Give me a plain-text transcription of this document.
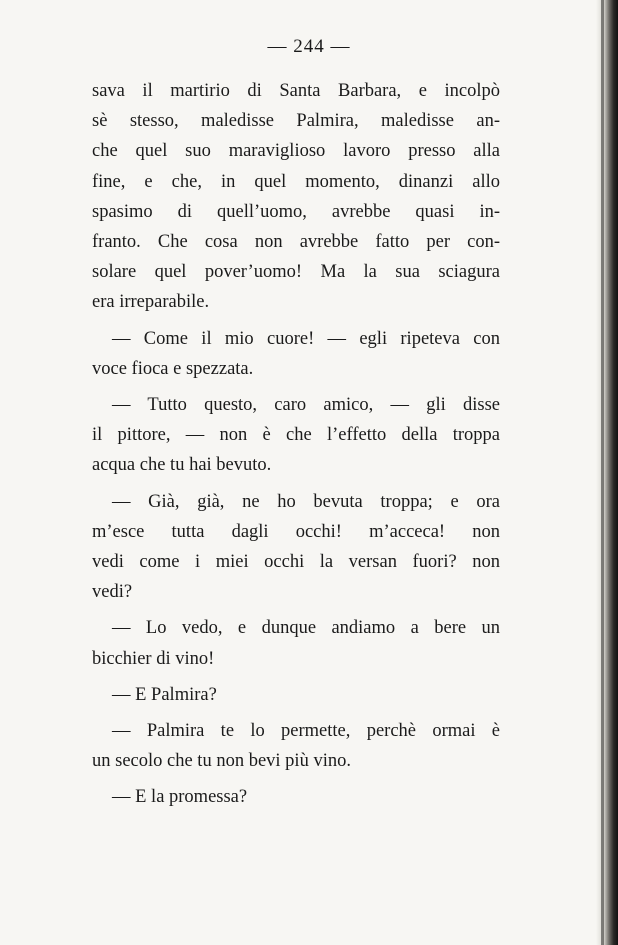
— 244 —
sava il martirio di Santa Barbara, e incolpò
sè stesso, maledisse Palmira, maledisse an-
che quel suo maraviglioso lavoro presso alla
fine, e che, in quel momento, dinanzi allo
spasimo di quell’uomo, avrebbe quasi in-
franto. Che cosa non avrebbe fatto per con-
solare quel pover’uomo! Ma la sua sciagura
era irreparabile.
— Come il mio cuore! — egli ripeteva con
voce fioca e spezzata.
— Tutto questo, caro amico, — gli disse
il pittore, — non è che l’effetto della troppa
acqua che tu hai bevuto.
— Già, già, ne ho bevuta troppa; e ora
m’esce tutta dagli occhi! m’acceca! non
vedi come i miei occhi la versan fuori? non
vedi?
— Lo vedo, e dunque andiamo a bere un
bicchier di vino!
— E Palmira?
— Palmira te lo permette, perchè ormai è
un secolo che tu non bevi più vino.
— E la promessa?
